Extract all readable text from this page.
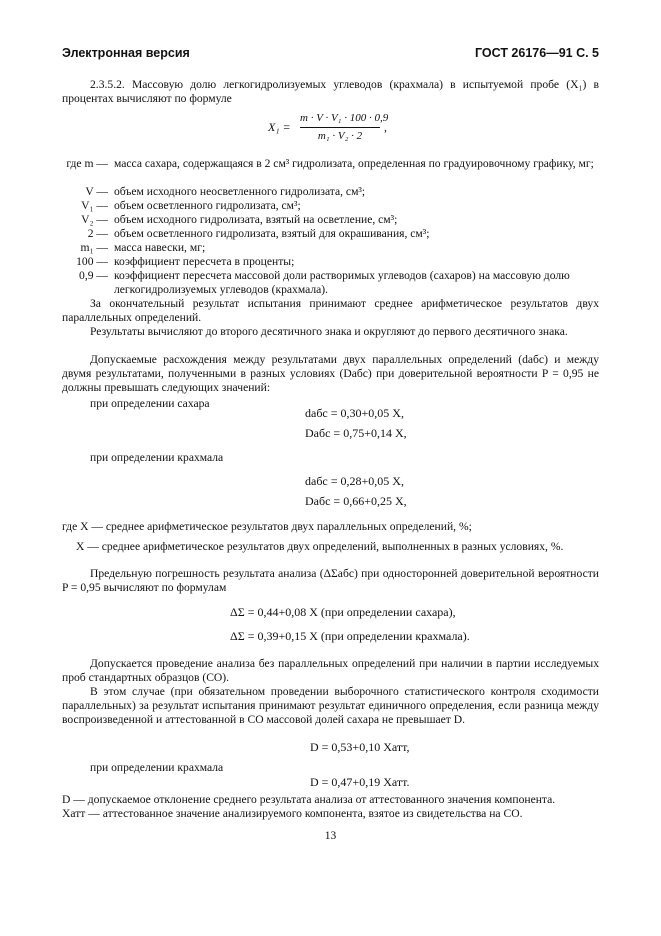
Электронная версия	ГОСТ 26176—91 С. 5
2.3.5.2. Массовую долю легкогидролизуемых углеводов (крахмала) в испытуемой пробе (X₁) в процентах вычисляют по формуле
X₁ =
m · V · V₁ · 100 · 0,9
m₁ · V₂ · 2
,
где m — масса сахара, содержащаяся в 2 см³ гидролизата, определенная по градуировочному графику, мг;
V — объем исходного неосветленного гидролизата, см³;
V₁ — объем осветленного гидролизата, см³;
V₂ — объем исходного гидролизата, взятый на осветление, см³;
2 — объем осветленного гидролизата, взятый для окрашивания, см³;
m₁ — масса навески, мг;
100 — коэффициент пересчета в проценты;
0,9 — коэффициент пересчета массовой доли растворимых углеводов (сахаров) на массовую долю легкогидролизуемых углеводов (крахмала).
За окончательный результат испытания принимают среднее арифметическое результатов двух параллельных определений.
Результаты вычисляют до второго десятичного знака и округляют до первого десятичного знака.
Допускаемые расхождения между результатами двух параллельных определений (dабс) и между двумя результатами, полученными в разных условиях (Dабс) при доверительной вероятности P = 0,95 не должны превышать следующих значений:
при определении сахара
dабс = 0,30+0,05 X,
Dабс = 0,75+0,14 X,
при определении крахмала
dабс = 0,28+0,05 X,
Dабс = 0,66+0,25 X,
где X — среднее арифметическое результатов двух параллельных определений, %;
X — среднее арифметическое результатов двух определений, выполненных в разных условиях, %.
Предельную погрешность результата анализа (ΔΣабс) при односторонней доверительной вероятности P = 0,95 вычисляют по формулам
ΔΣ = 0,44+0,08 X (при определении сахара),
ΔΣ = 0,39+0,15 X (при определении крахмала).
Допускается проведение анализа без параллельных определений при наличии в партии исследуемых проб стандартных образцов (СО).
В этом случае (при обязательном проведении выборочного статистического контроля сходимости параллельных) за результат испытания принимают результат единичного определения, если разница между воспроизведенной и аттестованной в СО массовой долей сахара не превышает D.
D = 0,53+0,10 Xатт,
при определении крахмала
D = 0,47+0,19 Xатт.
D — допускаемое отклонение среднего результата анализа от аттестованного значения компонента.
Xатт — аттестованное значение анализируемого компонента, взятое из свидетельства на СО.
13
